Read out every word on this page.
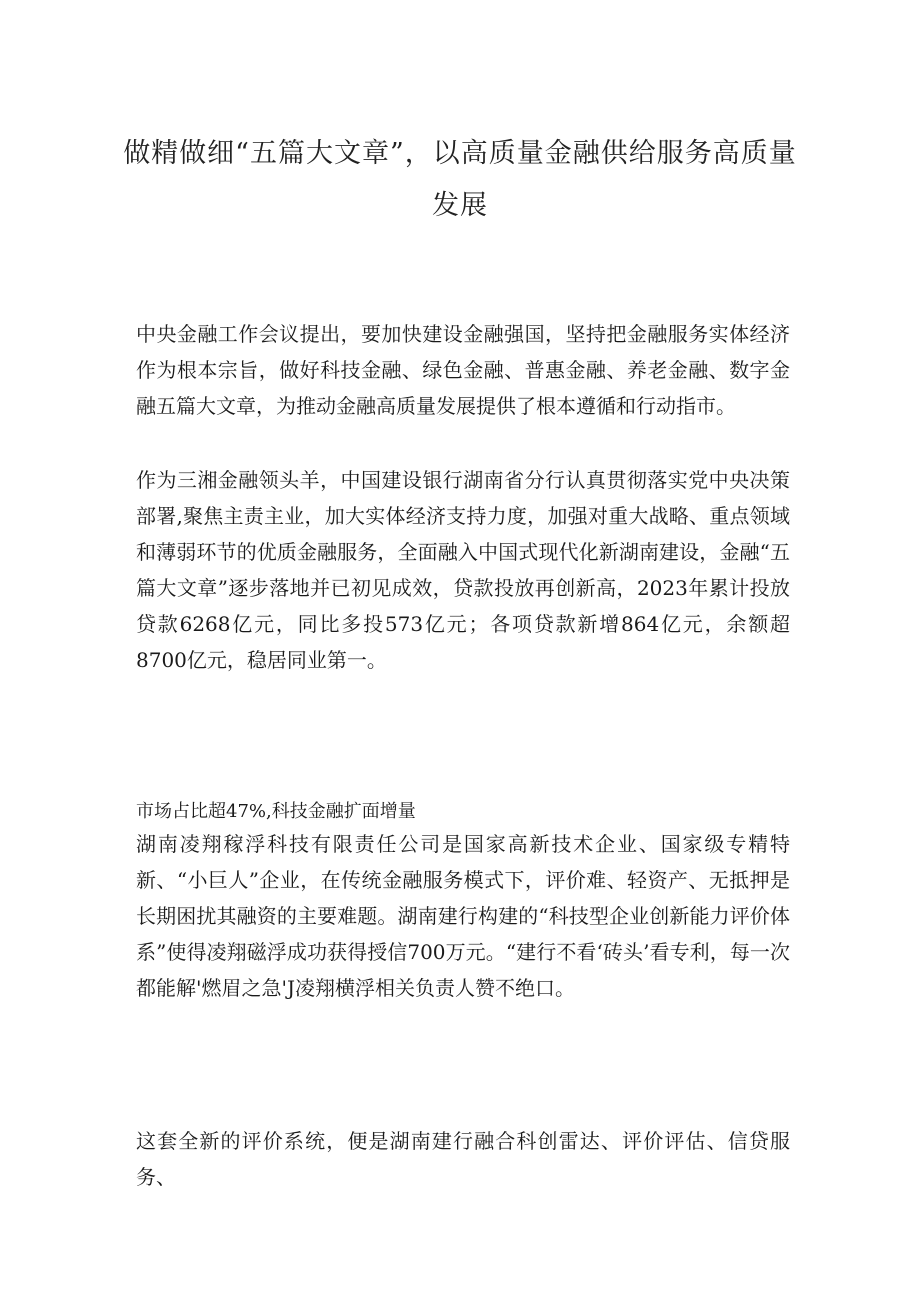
做精做细“五篇大文章”，以高质量金融供给服务高质量发展

中央金融工作会议提出，要加快建设金融强国，坚持把金融服务实体经济作为根本宗旨，做好科技金融、绿色金融、普惠金融、养老金融、数字金融五篇大文章，为推动金融高质量发展提供了根本遵循和行动指市。

作为三湘金融领头羊，中国建设银行湖南省分行认真贯彻落实党中央决策部署,聚焦主责主业，加大实体经济支持力度，加强对重大战略、重点领域和薄弱环节的优质金融服务，全面融入中国式现代化新湖南建设，金融“五篇大文章”逐步落地并已初见成效，贷款投放再创新高，2023年累计投放贷款6268亿元，同比多投573亿元；各项贷款新增864亿元，余额超8700亿元，稳居同业第一。

市场占比超47%,科技金融扩面增量

湖南凌翔稼浮科技有限责任公司是国家高新技术企业、国家级专精特新、“小巨人”企业，在传统金融服务模式下，评价难、轻资产、无抵押是长期困扰其融资的主要难题。湖南建行构建的“科技型企业创新能力评价体系”使得凌翔磁浮成功获得授信700万元。“建行不看‘砖头’看专利，每一次都能解'燃眉之急'J凌翔横浮相关负责人赞不绝口。

这套全新的评价系统，便是湖南建行融合科创雷达、评价评估、信贷服务、
